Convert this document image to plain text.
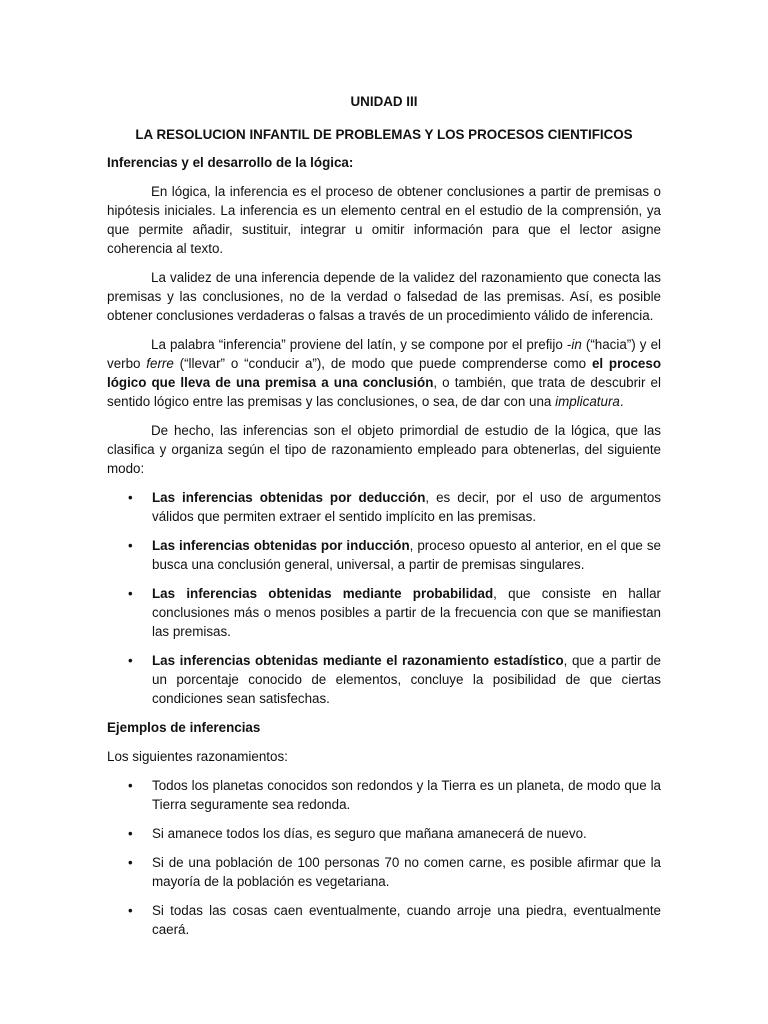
UNIDAD III
LA RESOLUCION INFANTIL DE PROBLEMAS Y LOS PROCESOS CIENTIFICOS
Inferencias y el desarrollo de la lógica:

En lógica, la inferencia es el proceso de obtener conclusiones a partir de premisas o hipótesis iniciales. La inferencia es un elemento central en el estudio de la comprensión, ya que permite añadir, sustituir, integrar u omitir información para que el lector asigne coherencia al texto.

La validez de una inferencia depende de la validez del razonamiento que conecta las premisas y las conclusiones, no de la verdad o falsedad de las premisas. Así, es posible obtener conclusiones verdaderas o falsas a través de un procedimiento válido de inferencia.

La palabra “inferencia” proviene del latín, y se compone por el prefijo -in (“hacia”) y el verbo ferre (“llevar” o “conducir a”), de modo que puede comprenderse como el proceso lógico que lleva de una premisa a una conclusión, o también, que trata de descubrir el sentido lógico entre las premisas y las conclusiones, o sea, de dar con una implicatura.

De hecho, las inferencias son el objeto primordial de estudio de la lógica, que las clasifica y organiza según el tipo de razonamiento empleado para obtenerlas, del siguiente modo:

• Las inferencias obtenidas por deducción, es decir, por el uso de argumentos válidos que permiten extraer el sentido implícito en las premisas.
• Las inferencias obtenidas por inducción, proceso opuesto al anterior, en el que se busca una conclusión general, universal, a partir de premisas singulares.
• Las inferencias obtenidas mediante probabilidad, que consiste en hallar conclusiones más o menos posibles a partir de la frecuencia con que se manifiestan las premisas.
• Las inferencias obtenidas mediante el razonamiento estadístico, que a partir de un porcentaje conocido de elementos, concluye la posibilidad de que ciertas condiciones sean satisfechas.
Ejemplos de inferencias

Los siguientes razonamientos:

• Todos los planetas conocidos son redondos y la Tierra es un planeta, de modo que la Tierra seguramente sea redonda.
• Si amanece todos los días, es seguro que mañana amanecerá de nuevo.
• Si de una población de 100 personas 70 no comen carne, es posible afirmar que la mayoría de la población es vegetariana.
• Si todas las cosas caen eventualmente, cuando arroje una piedra, eventualmente caerá.
